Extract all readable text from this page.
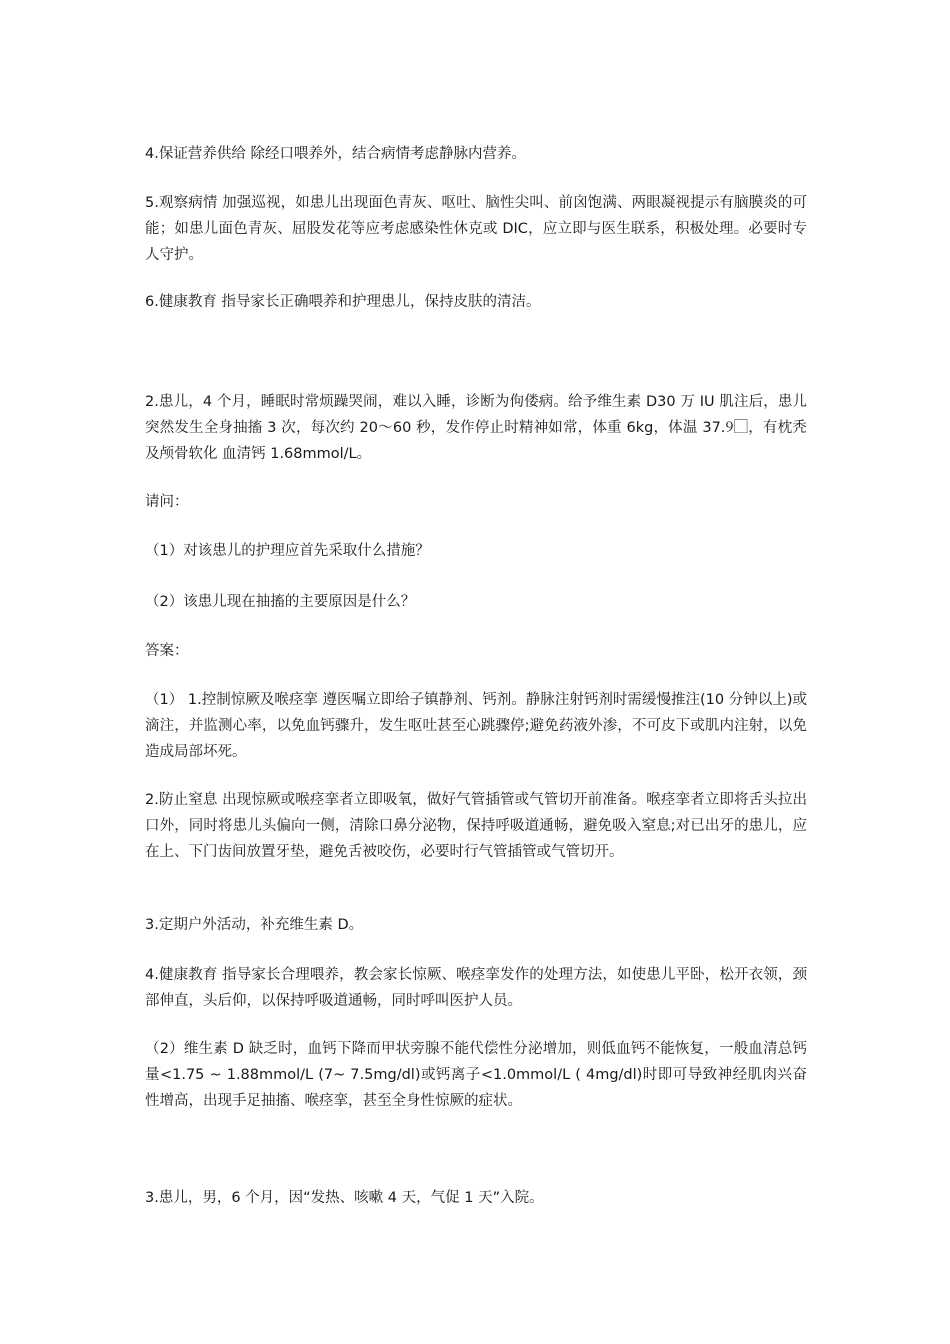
4.保证营养供给 除经口喂养外，结合病情考虑静脉内营养。

5.观察病情 加强巡视，如患儿出现面色青灰、呕吐、脑性尖叫、前囟饱满、两眼凝视提示有脑膜炎的可能；如患儿面色青灰、屈股发花等应考虑感染性休克或 DIC，应立即与医生联系，积极处理。必要时专人守护。

6.健康教育 指导家长正确喂养和护理患儿，保持皮肤的清洁。

2.患儿，4 个月，睡眠时常烦躁哭闹，难以入睡，诊断为佝偻病。给予维生素 D30 万 IU 肌注后，患儿突然发生全身抽搐 3 次，每次约 20～60 秒，发作停止时精神如常，体重 6kg，体温 37.9⃞，有枕秃及颅骨软化 血清钙 1.68mmol/L。

请问：

（1）对该患儿的护理应首先采取什么措施？

（2）该患儿现在抽搐的主要原因是什么？

答案：

（1） 1.控制惊厥及喉痉挛 遵医嘱立即给子镇静剂、钙剂。静脉注射钙剂时需缓慢推注(10 分钟以上)或滴注，并监测心率，以免血钙骤升，发生呕吐甚至心跳骤停;避免药液外渗，不可皮下或肌内注射，以免造成局部坏死。

2.防止窒息 出现惊厥或喉痉挛者立即吸氧，做好气管插管或气管切开前准备。喉痉挛者立即将舌头拉出口外，同时将患儿头偏向一侧，清除口鼻分泌物，保持呼吸道通畅，避免吸入窒息;对已出牙的患儿，应在上、下门齿间放置牙垫，避免舌被咬伤，必要时行气管插管或气管切开。

3.定期户外活动，补充维生素 D。

4.健康教育 指导家长合理喂养，教会家长惊厥、喉痉挛发作的处理方法，如使患儿平卧，松开衣领，颈部伸直，头后仰，以保持呼吸道通畅，同时呼叫医护人员。

（2）维生素 D 缺乏时，血钙下降而甲状旁腺不能代偿性分泌增加，则低血钙不能恢复，一般血清总钙量<1.75 ~ 1.88mmol/L (7~ 7.5mg/dl)或钙离子<1.0mmol/L ( 4mg/dl)时即可导致神经肌肉兴奋性增高，出现手足抽搐、喉痉挛，甚至全身性惊厥的症状。

3.患儿，男，6 个月，因“发热、咳嗽 4 天，气促 1 天”入院。
